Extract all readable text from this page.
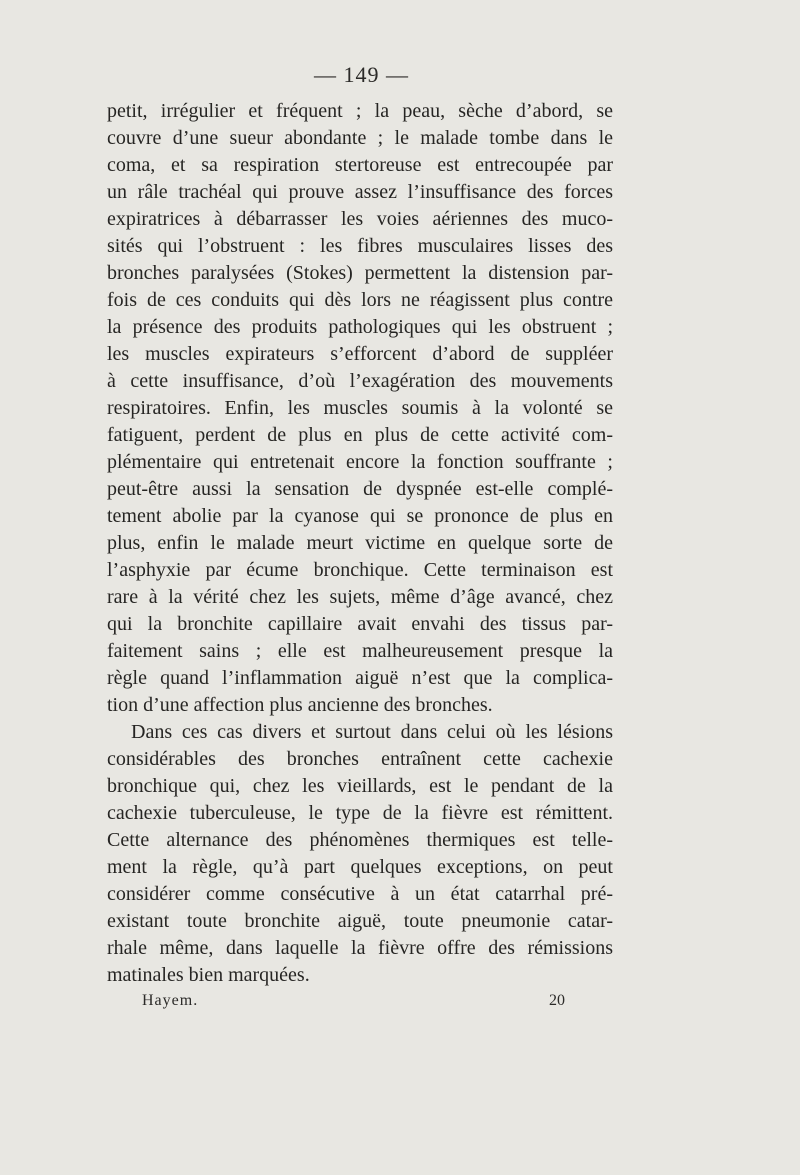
— 149 —
petit, irrégulier et fréquent ; la peau, sèche d’abord, se
couvre d’une sueur abondante ; le malade tombe dans le
coma, et sa respiration stertoreuse est entrecoupée par
un râle trachéal qui prouve assez l’insuffisance des forces
expiratrices à débarrasser les voies aériennes des muco-
sités qui l’obstruent : les fibres musculaires lisses des
bronches paralysées (Stokes) permettent la distension par-
fois de ces conduits qui dès lors ne réagissent plus contre
la présence des produits pathologiques qui les obstruent ;
les muscles expirateurs s’efforcent d’abord de suppléer
à cette insuffisance, d’où l’exagération des mouvements
respiratoires. Enfin, les muscles soumis à la volonté se
fatiguent, perdent de plus en plus de cette activité com-
plémentaire qui entretenait encore la fonction souffrante ;
peut-être aussi la sensation de dyspnée est-elle complé-
tement abolie par la cyanose qui se prononce de plus en
plus, enfin le malade meurt victime en quelque sorte de
l’asphyxie par écume bronchique. Cette terminaison est
rare à la vérité chez les sujets, même d’âge avancé, chez
qui la bronchite capillaire avait envahi des tissus par-
faitement sains ; elle est malheureusement presque la
règle quand l’inflammation aiguë n’est que la complica-
tion d’une affection plus ancienne des bronches.
Dans ces cas divers et surtout dans celui où les lésions
considérables des bronches entraînent cette cachexie
bronchique qui, chez les vieillards, est le pendant de la
cachexie tuberculeuse, le type de la fièvre est rémittent.
Cette alternance des phénomènes thermiques est telle-
ment la règle, qu’à part quelques exceptions, on peut
considérer comme consécutive à un état catarrhal pré-
existant toute bronchite aiguë, toute pneumonie catar-
rhale même, dans laquelle la fièvre offre des rémissions
matinales bien marquées.
Hayem.	20
